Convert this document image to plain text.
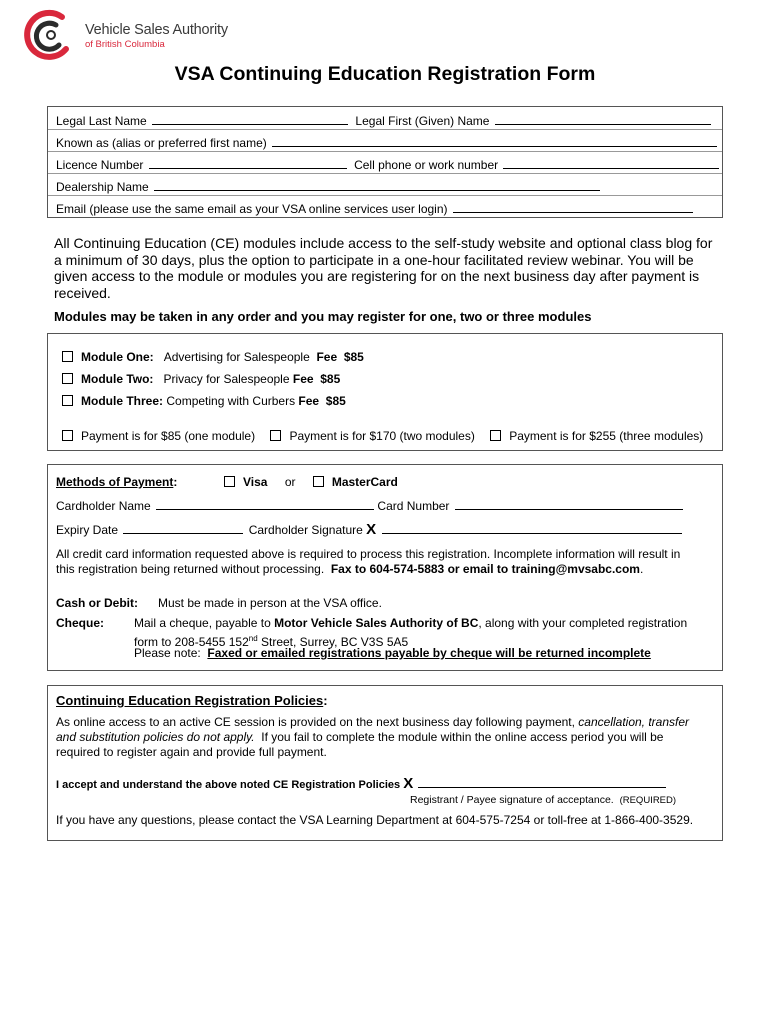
Vehicle Sales Authority
of British Columbia
VSA Continuing Education Registration Form
Legal Last Name	Legal First (Given) Name
Known as (alias or preferred first name)
Licence Number	Cell phone or work number
Dealership Name
Email (please use the same email as your VSA online services user login)
All Continuing Education (CE) modules include access to the self-study website and optional class blog for a minimum of 30 days, plus the option to participate in a one-hour facilitated review webinar. You will be given access to the module or modules you are registering for on the next business day after payment is received.
Modules may be taken in any order and you may register for one, two or three modules
Module One: Advertising for Salespeople Fee $85
Module Two: Privacy for Salespeople Fee $85
Module Three: Competing with Curbers Fee $85
Payment is for $85 (one module)	Payment is for $170 (two modules)	Payment is for $255 (three modules)
Methods of Payment:	Visa or	MasterCard
Cardholder Name	Card Number
Expiry Date	Cardholder Signature X
All credit card information requested above is required to process this registration. Incomplete information will result in
this registration being returned without processing. Fax to 604-574-5883 or email to training@mvsabc.com.
Cash or Debit: Must be made in person at the VSA office.
Cheque:	Mail a cheque, payable to Motor Vehicle Sales Authority of BC, along with your completed registration
form to 208-5455 152nd Street, Surrey, BC V3S 5A5
Please note: Faxed or emailed registrations payable by cheque will be returned incomplete
Continuing Education Registration Policies:
As online access to an active CE session is provided on the next business day following payment, cancellation, transfer
and substitution policies do not apply. If you fail to complete the module within the online access period you will be
required to register again and provide full payment.
I accept and understand the above noted CE Registration Policies X
Registrant / Payee signature of acceptance. (REQUIRED)
If you have any questions, please contact the VSA Learning Department at 604-575-7254 or toll-free at 1-866-400-3529.
